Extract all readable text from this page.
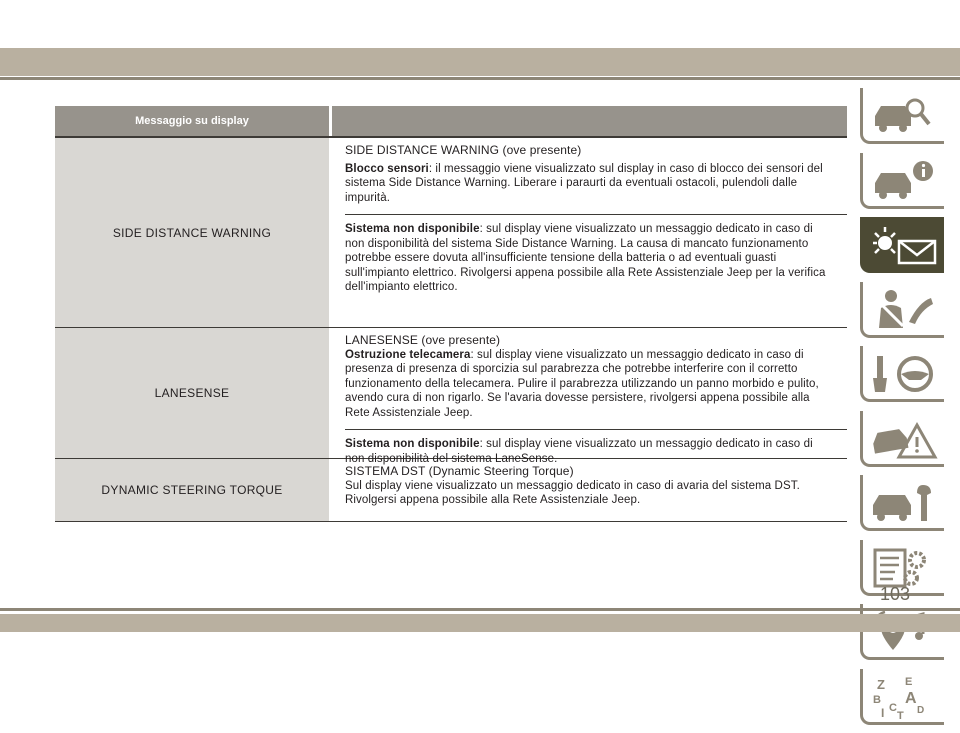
Messaggio su display
SIDE DISTANCE WARNING
SIDE DISTANCE WARNING (ove presente)
Blocco sensori: il messaggio viene visualizzato sul display in caso di blocco dei sensori del sistema Side Distance Warning. Liberare i paraurti da eventuali ostacoli, pulendoli dalle impurità.
Sistema non disponibile: sul display viene visualizzato un messaggio dedicato in caso di non disponibilità del sistema Side Distance Warning. La causa di mancato funzionamento potrebbe essere dovuta all'insufficiente tensione della batteria o ad eventuali guasti sull'impianto elettrico. Rivolgersi appena possibile alla Rete Assistenziale Jeep per la verifica dell'impianto elettrico.
LANESENSE
LANESENSE (ove presente)
Ostruzione telecamera: sul display viene visualizzato un messaggio dedicato in caso di presenza di presenza di sporcizia sul parabrezza che potrebbe interferire con il corretto funzionamento della telecamera. Pulire il parabrezza utilizzando un panno morbido e pulito, avendo cura di non rigarlo. Se l'avaria dovesse persistere, rivolgersi appena possibile alla Rete Assistenziale Jeep.
Sistema non disponibile: sul display viene visualizzato un messaggio dedicato in caso di non disponibilità del sistema LaneSense.
DYNAMIC STEERING TORQUE
SISTEMA DST (Dynamic Steering Torque)
Sul display viene visualizzato un messaggio dedicato in caso di avaria del sistema DST. Rivolgersi appena possibile alla Rete Assistenziale Jeep.
Z E
B A
C D
I T
103
